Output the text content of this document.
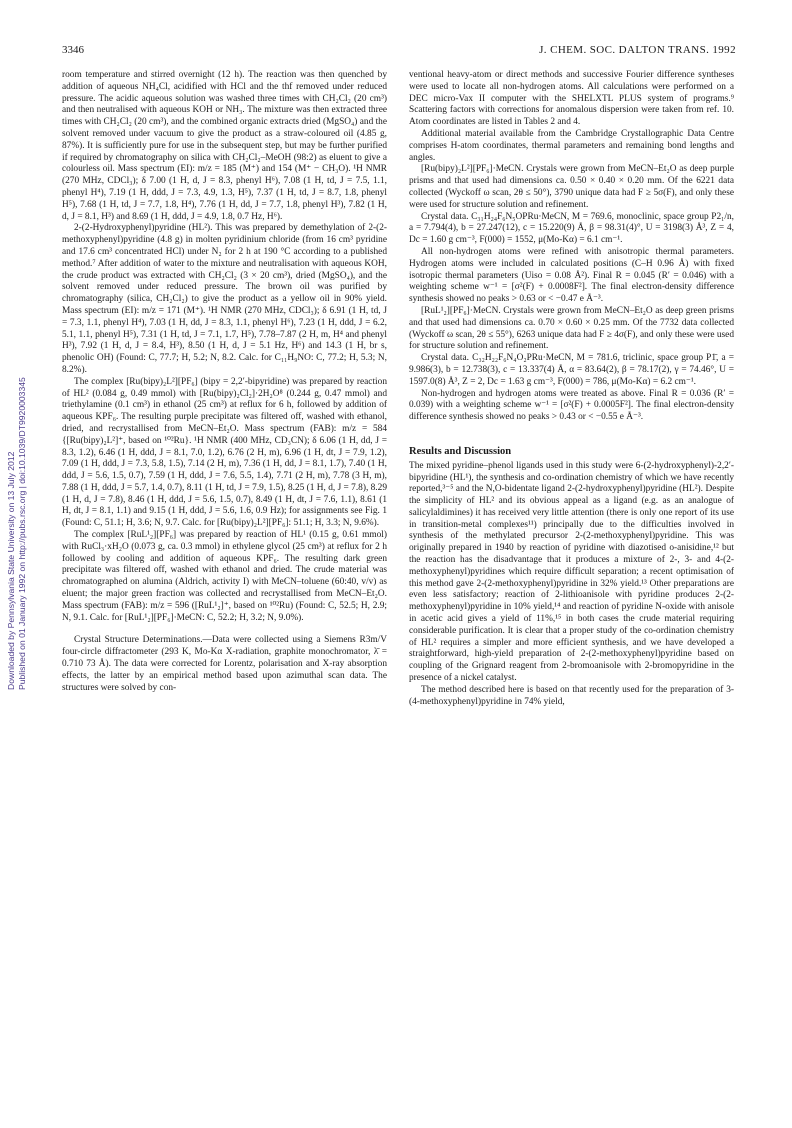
3346	J. CHEM. SOC. DALTON TRANS. 1992
Downloaded by Pennsylvania State University on 13 July 2012 Published on 01 January 1992 on http://pubs.rsc.org | doi:10.1039/DT9920003345

room temperature and stirred overnight (12 h). The reaction was then quenched by addition of aqueous NH₄Cl, acidified with HCl and the thf removed under reduced pressure. The acidic aqueous solution was washed three times with CH₂Cl₂ (20 cm³) and then neutralised with aqueous KOH or NH₃. The mixture was then extracted three times with CH₂Cl₂ (20 cm³), and the combined organic extracts dried (MgSO₄) and the solvent removed under vacuum to give the product as a straw-coloured oil (4.85 g, 87%). It is sufficiently pure for use in the subsequent step, but may be further purified if required by chromatography on silica with CH₂Cl₂–MeOH (98:2) as eluent to give a colourless oil. Mass spectrum (EI): m/z = 185 (M⁺) and 154 (M⁺ − CH₃O). ¹H NMR (270 MHz, CDCl₃); δ 7.00 (1 H, d, J = 8.3, phenyl H⁶), 7.08 (1 H, td, J = 7.5, 1.1, phenyl H⁴), 7.19 (1 H, ddd, J = 7.3, 4.9, 1.3, H⁵), 7.37 (1 H, td, J = 8.7, 1.8, phenyl H⁵), 7.68 (1 H, td, J = 7.7, 1.8, H⁴), 7.76 (1 H, dd, J = 7.7, 1.8, phenyl H³), 7.82 (1 H, d, J = 8.1, H³) and 8.69 (1 H, ddd, J = 4.9, 1.8, 0.7 Hz, H⁶).

2-(2-Hydroxyphenyl)pyridine (HL²). This was prepared by demethylation of 2-(2-methoxyphenyl)pyridine (4.8 g) in molten pyridinium chloride (from 16 cm³ pyridine and 17.6 cm³ concentrated HCl) under N₂ for 2 h at 190 °C according to a published method.⁷ After addition of water to the mixture and neutralisation with aqueous KOH, the crude product was extracted with CH₂Cl₂ (3 × 20 cm³), dried (MgSO₄), and the solvent removed under reduced pressure. The brown oil was purified by chromatography (silica, CH₂Cl₂) to give the product as a yellow oil in 90% yield. Mass spectrum (EI): m/z = 171 (M⁺). ¹H NMR (270 MHz, CDCl₃); δ 6.91 (1 H, td, J = 7.3, 1.1, phenyl H⁴), 7.03 (1 H, dd, J = 8.3, 1.1, phenyl H⁶), 7.23 (1 H, ddd, J = 6.2, 5.1, 1.1, phenyl H⁵), 7.31 (1 H, td, J = 7.1, 1.7, H⁵), 7.78–7.87 (2 H, m, H⁴ and phenyl H³), 7.92 (1 H, d, J = 8.4, H³), 8.50 (1 H, d, J = 5.1 Hz, H⁶) and 14.3 (1 H, br s, phenolic OH) (Found: C, 77.7; H, 5.2; N, 8.2. Calc. for C₁₁H₉NO: C, 77.2; H, 5.3; N, 8.2%).

The complex [Ru(bipy)₂L²][PF₆] (bipy = 2,2′-bipyridine) was prepared by reaction of HL² (0.084 g, 0.49 mmol) with [Ru(bipy)₂Cl₂]·2H₂O⁸ (0.244 g, 0.47 mmol) and triethylamine (0.1 cm³) in ethanol (25 cm³) at reflux for 6 h, followed by addition of aqueous KPF₆. The resulting purple precipitate was filtered off, washed with ethanol, dried, and recrystallised from MeCN–Et₂O. Mass spectrum (FAB): m/z = 584 {[Ru(bipy)₂L²]⁺, based on ¹⁰²Ru}. ¹H NMR (400 MHz, CD₃CN); δ 6.06 (1 H, dd, J = 8.3, 1.2), 6.46 (1 H, ddd, J = 8.1, 7.0, 1.2), 6.76 (2 H, m), 6.96 (1 H, dt, J = 7.9, 1.2), 7.09 (1 H, ddd, J = 7.3, 5.8, 1.5), 7.14 (2 H, m), 7.36 (1 H, dd, J = 8.1, 1.7), 7.40 (1 H, ddd, J = 5.6, 1.5, 0.7), 7.59 (1 H, ddd, J = 7.6, 5.5, 1.4), 7.71 (2 H, m), 7.78 (3 H, m), 7.88 (1 H, ddd, J = 5.7, 1.4, 0.7), 8.11 (1 H, td, J = 7.9, 1.5), 8.25 (1 H, d, J = 7.8), 8.29 (1 H, d, J = 7.8), 8.46 (1 H, ddd, J = 5.6, 1.5, 0.7), 8.49 (1 H, dt, J = 7.6, 1.1), 8.61 (1 H, dt, J = 8.1, 1.1) and 9.15 (1 H, ddd, J = 5.6, 1.6, 0.9 Hz); for assignments see Fig. 1 (Found: C, 51.1; H, 3.6; N, 9.7. Calc. for [Ru(bipy)₂L²][PF₆]: 51.1; H, 3.3; N, 9.6%).

The complex [RuL¹₂][PF₆] was prepared by reaction of HL¹ (0.15 g, 0.61 mmol) with RuCl₃·xH₂O (0.073 g, ca. 0.3 mmol) in ethylene glycol (25 cm³) at reflux for 2 h followed by cooling and addition of aqueous KPF₆. The resulting dark green precipitate was filtered off, washed with ethanol and dried. The crude material was chromatographed on alumina (Aldrich, activity I) with MeCN–toluene (60:40, v/v) as eluent; the major green fraction was collected and recrystallised from MeCN–Et₂O. Mass spectrum (FAB): m/z = 596 ([RuL¹₂]⁺, based on ¹⁰²Ru) (Found: C, 52.5; H, 2.9; N, 9.1. Calc. for [RuL¹₂][PF₆]·MeCN: C, 52.2; H, 3.2; N, 9.0%).

Crystal Structure Determinations.—Data were collected using a Siemens R3m/V four-circle diffractometer (293 K, Mo-Kα X-radiation, graphite monochromator, λ̄ = 0.710 73 Å). The data were corrected for Lorentz, polarisation and X-ray absorption effects, the latter by an empirical method based upon azimuthal scan data. The structures were solved by con-

ventional heavy-atom or direct methods and successive Fourier difference syntheses were used to locate all non-hydrogen atoms. All calculations were performed on a DEC micro-Vax II computer with the SHELXTL PLUS system of programs.⁹ Scattering factors with corrections for anomalous dispersion were taken from ref. 10. Atom coordinates are listed in Tables 2 and 4.

Additional material available from the Cambridge Crystallographic Data Centre comprises H-atom coordinates, thermal parameters and remaining bond lengths and angles.

[Ru(bipy)₂L²][PF₆]·MeCN. Crystals were grown from MeCN–Et₂O as deep purple prisms and that used had dimensions ca. 0.50 × 0.40 × 0.20 mm. Of the 6221 data collected (Wyckoff ω scan, 2θ ≤ 50°), 3790 unique data had F ≥ 5σ(F), and only these were used for structure solution and refinement.

Crystal data. C₃₁H₂₄F₆N₅OPRu·MeCN, M = 769.6, monoclinic, space group P2₁/n, a = 7.794(4), b = 27.247(12), c = 15.220(9) Å, β = 98.31(4)°, U = 3198(3) Å³, Z = 4, Dc = 1.60 g cm⁻³, F(000) = 1552, μ(Mo-Kα) = 6.1 cm⁻¹.

All non-hydrogen atoms were refined with anisotropic thermal parameters. Hydrogen atoms were included in calculated positions (C–H 0.96 Å) with fixed isotropic thermal parameters (Uiso = 0.08 Å²). Final R = 0.045 (R′ = 0.046) with a weighting scheme w⁻¹ = [σ²(F) + 0.0008F²]. The final electron-density difference synthesis showed no peaks > 0.63 or < −0.47 e Å⁻³.

[RuL¹₂][PF₆]·MeCN. Crystals were grown from MeCN–Et₂O as deep green prisms and that used had dimensions ca. 0.70 × 0.60 × 0.25 mm. Of the 7732 data collected (Wyckoff ω scan, 2θ ≤ 55°), 6263 unique data had F ≥ 4σ(F), and only these were used for structure solution and refinement.

Crystal data. C₃₂H₂₂F₆N₄O₂PRu·MeCN, M = 781.6, triclinic, space group P1̄, a = 9.986(3), b = 12.738(3), c = 13.337(4) Å, α = 83.64(2), β = 78.17(2), γ = 74.46°, U = 1597.0(8) Å³, Z = 2, Dc = 1.63 g cm⁻³, F(000) = 786, μ(Mo-Kα) = 6.2 cm⁻¹.

Non-hydrogen and hydrogen atoms were treated as above. Final R = 0.036 (R′ = 0.039) with a weighting scheme w⁻¹ = [σ²(F) + 0.0005F²]. The final electron-density difference synthesis showed no peaks > 0.43 or < −0.55 e Å⁻³.

Results and Discussion

The mixed pyridine–phenol ligands used in this study were 6-(2-hydroxyphenyl)-2,2′-bipyridine (HL¹), the synthesis and co-ordination chemistry of which we have recently reported,³⁻⁵ and the N,O-bidentate ligand 2-(2-hydroxyphenyl)pyridine (HL²). Despite the simplicity of HL² and its obvious appeal as a ligand (e.g. as an analogue of salicylaldimines) it has received very little attention (there is only one report of its use in transition-metal complexes¹¹) principally due to the difficulties involved in synthesis of the methylated precursor 2-(2-methoxyphenyl)pyridine. This was originally prepared in 1940 by reaction of pyridine with diazotised o-anisidine,¹² but the reaction has the disadvantage that it produces a mixture of 2-, 3- and 4-(2-methoxyphenyl)pyridines which require difficult separation; a recent optimisation of this method gave 2-(2-methoxyphenyl)pyridine in 32% yield.¹³ Other preparations are even less satisfactory; reaction of 2-lithioanisole with pyridine produces 2-(2-methoxyphenyl)pyridine in 10% yield,¹⁴ and reaction of pyridine N-oxide with anisole in acetic acid gives a yield of 11%,¹⁵ in both cases the crude material requiring considerable purification. It is clear that a proper study of the co-ordination chemistry of HL² requires a simpler and more efficient synthesis, and we have developed a straightforward, high-yield preparation of 2-(2-methoxyphenyl)pyridine based on coupling of the Grignard reagent from 2-bromoanisole with 2-bromopyridine in the presence of a nickel catalyst.

The method described here is based on that recently used for the preparation of 3-(4-methoxyphenyl)pyridine in 74% yield,
